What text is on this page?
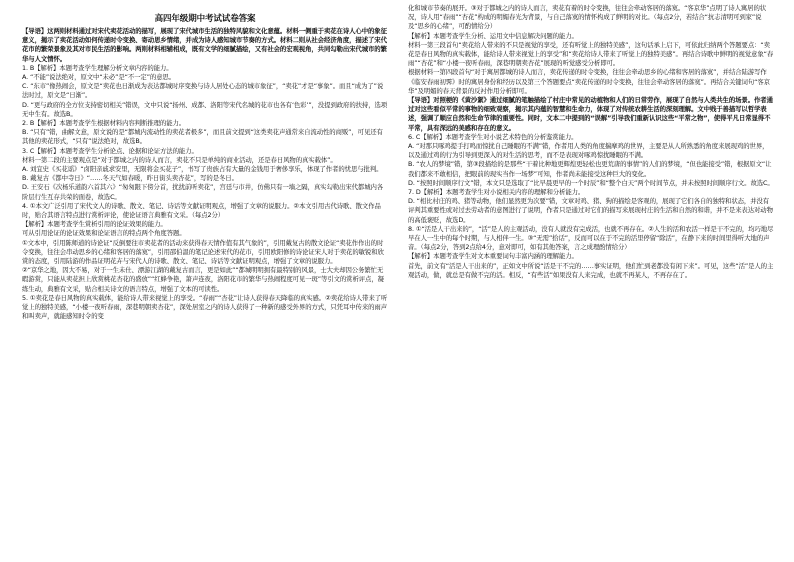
高四年级期中考试试卷答案

【导语】这两则材料通过对宋代卖花活动的描写，展现了宋代城市生活的独特风貌和文化意蕴。材料一侧重于卖花在诗人心中的象征意义，揭示了卖花活动如何传递时令变换、寄动思乡情绪，并成为诗人感知城市节奏的方式。材料二则从社会经济角度，描述了宋代花市的繁荣景象及其对市民生活的影响。两则材料相辅相成，既有文学的细腻描绘，又有社会的宏观视角，共同勾勒出宋代城市的繁华与人文情怀。

1. B【解析】本题考查学生理解分析文章内容的能力。

A. “不能”说法绝对，原文中“未必”是“不一定”的意思。

C. “东市”像热闹会，原文是“卖花也日渐成为表达都城时序变换与诗人居处心态的城市象征”，“卖花”才是“事象”。而且“成为了”说法时过，原文是“日渐”。

D. “更与政府的全方位支持密切相关”错误，文中只说“扬州、成都、洛阳等宋代名城的花市也各有‘色彩’”，没提到政府的扶持，选项无中生有。故选B。

2. B【解析】本题考查学生根据材料内容判断推理的能力。

B. “只有”错，曲解文意，原文说的是“都城内流动性的卖花者极多”，而且前文提到“这类卖花声通常来自流动性的商贩”，可见还有其他的卖花形式，“只有”说法绝对，故选B。

3. C【解析】本题考查学生分析论点、论据和论证方法的能力。

材料一第二段的主要观点是“对于都城之内的诗人而言，卖花不只是单纯的商业活动，还是春日风物的真实载体”。

A. 刘宜史《买花谣》“卤阳亲戚求安里，无限将金买花子”，书写了贵族占有大量的金钱用于奢侈享乐，体现了作者的忧思与批判。

B. 戴复古《都中寺日》“……冬天气如春暖，昨日街头卖杏花”，写的是冬日。

D. 王安石《次杨乐道韵六首其六》“匆匆跟下傍分首，扰扰前听卖花”，宫廷与市井，仿佛只有一墙之隔，真实勾勒出宋代都城内各阶层行生互存共荣的面卷，故选C。

4. ①本文广泛引用了宋代文人的诗歌、散文、笔记、诗话等文献证明观点，增强了文章的说服力。②本文引用古代诗歌、散文作品时，贴合其语言特点进行赏析评论，使论证语言典雅有文采。（每点2分）

【解析】本题考查学生赏析引用的论证效果的能力。

可从引用论证的论证效果和论证语言的特点两个角度答题。

①文本中，引用陈师道的诗论证“反倒要往市卖花者的活动来获得春天情作值有其气象的”，引用戴复古的散文论证“卖花作作出的时令变换，往往会串动思乡的心绪和客居的落寞”，引用邵伯温的笔记论述宋代的花市，引用欧阳修的诗论证宋人对于卖花的敏锐和欣赏的态度，引用陆游的作品证明花卉与宋代人的诗歌、散文、笔记、诗话等文献证明观点，增强了文章的说服力。

②“京华之地，因大不易，对于一生未仕、漂游江湖的戴复古而言，更是如此”“都城明明拥有最特别的风景，士大夫却因公务繁忙无暇游赏，只能从卖花担上欣赏桃花杏花的盛放”“红蜂争艳，箫声连夜，洛阳花市的繁华与热闹程度可见一斑”等引文的赏析评点，凝练生动，典雅有文采，贴合相关诗文的语言特点，增强了文本的可读性。

5. ①卖花是春日风物的真实载体，能给诗人带来视觉上的享受。“春雨”“杏花”让诗人获得春天降临的真实感。②卖花给诗人带来了听觉上的独特美感，“小楼一夜听春雨，深巷明朝卖杏花”，深处居室之内的诗人获得了一种新的感受外界的方式，只凭耳中传来的雨声和叫卖声，就能感知时令的变

化和城市节奏的展开。③对于都城之内的诗人而言，卖花有着的时令变换，往往会牵动客居的落寞。“客京华”点明了诗人寓居的状况，诗人用“春雨”“杏花”构成的明媚春光为背景，与自己落寞的情怀构成了鲜明的对比。（每点2分，若结合“抗志清明可到家”说及“思乡的心绪”，可酌情给分）

【解析】本题考查学生分析、运用文中信息解决问题的能力。

材料一第三段首句“卖花给人带来的不只是视觉的享受，还有听觉上的独特美感”，这句话承上启下，可依此归纳两个答题要点：“卖花是春日风物的真实载体，能给诗人带来视觉上的享受”和“卖花给诗人带来了听觉上的独特美感”。再结合诗歌中鲜明的视觉意象“春雨”“杏花”和“小楼一夜听春雨，深巷明朝卖杏花”展现的听觉感受分析即可。

根据材料一第四段首句“对于寓居都城的诗人而言，卖花传递的时令变换，往往会牵动思乡的心绪和客居的落寞”，并结合陆游写作《临安春雨初霁》时的寓居身份和经历以及第三个答题要点“卖花传递的时令变换，往往会牵动客居的落寞”。再结合关键词句“客京华”及明媚的春天背景的反衬作用分析即可。

【导语】对照梗的《黄沙絮》通过细腻的笔触描绘了村庄中常见的动植物和人们的日常劳作，展现了自然与人类共生的场景。作者通过对这些看似平常的事物的细致观察，揭示其内蕴的智慧和生命力，体现了对传统农耕生活的深刻理解。文中贱于善描写以哲学表述，强调了顺应自然和生命节律的重要性。同时，文本二中提到的“误解”引导我们重新认识这些“平常之物”，使得平凡日常显得不平常，具有深远的美感和存在的意义。

6. C【解析】本题考查学生对小说艺术特色的分析鉴赏能力。

A. “对那只啄鸡提手打鸣而惊扰自己睡眠的不满”错，作者用人类的角度揣摩鸡的世界，主要是从人所熟悉的角度来展现鸡的世界，以及通过鸡的行为引导到更深入的对生活的思考，而不是表现对啄鸡惊扰睡眠的不满。

B. “农人的梦境”错，第③段描绘的是那些“干着比种地更辉煌更轻松也更荒唐的事情”的人们的梦境，“但也能接受”错，根据原文“让我们都来不敢相信，把眼前的现实当作一场梦”可知，作者尚未能接受这种巨大的变化。

D. “按照时间顺序行文”错，本文只是选取了“比早晨更早的一个时辰”和“整个白天”两个时间节点，并未按照时间顺序行文。故选C。

7. D【解析】本题考查学生对小说相关内容的理解和分析能力。

D. “相比村庄的鸡、猪等动物，他们显然更为次要”错，文章对鸡、猪、狗的描绘是客观的，展现了它们各自的独特和状态，并没有评判其重要性或对过去劳动者的意图进行了说明，作者只是通过对它们的描写来展现村庄的生活和自然的和谐，并不是来表达对动物的高低褒贬，故选D。

8. ①“活是人干出来的”，“活”是人的主观活动，没有人就没有完成活，也就不再存在。②人生的活和农活一样是干不完的，均巧地尽早在人一生中的每个时期，与人相伴一生。③“无需”拾话”，反而可以在于不完的活里停留“除活”，在静下来的时间里得听大地的声音。（每点2分，答到2点给4分，意对即可，如有其他答案，言之成理酌情给分）

【解析】本题考查学生对文本重要词句丰富内涵的理解能力。

首先，前文有“活是人干出来的”，正如文中所说“活是干不完的……事实证明，他们忙到老都没有闲下来”。可见，这些“活”是人的主观活动，做，就总是有做不完的活。相反，“有些活”如果没有人来完成，也就不再某人，不再存在了。
